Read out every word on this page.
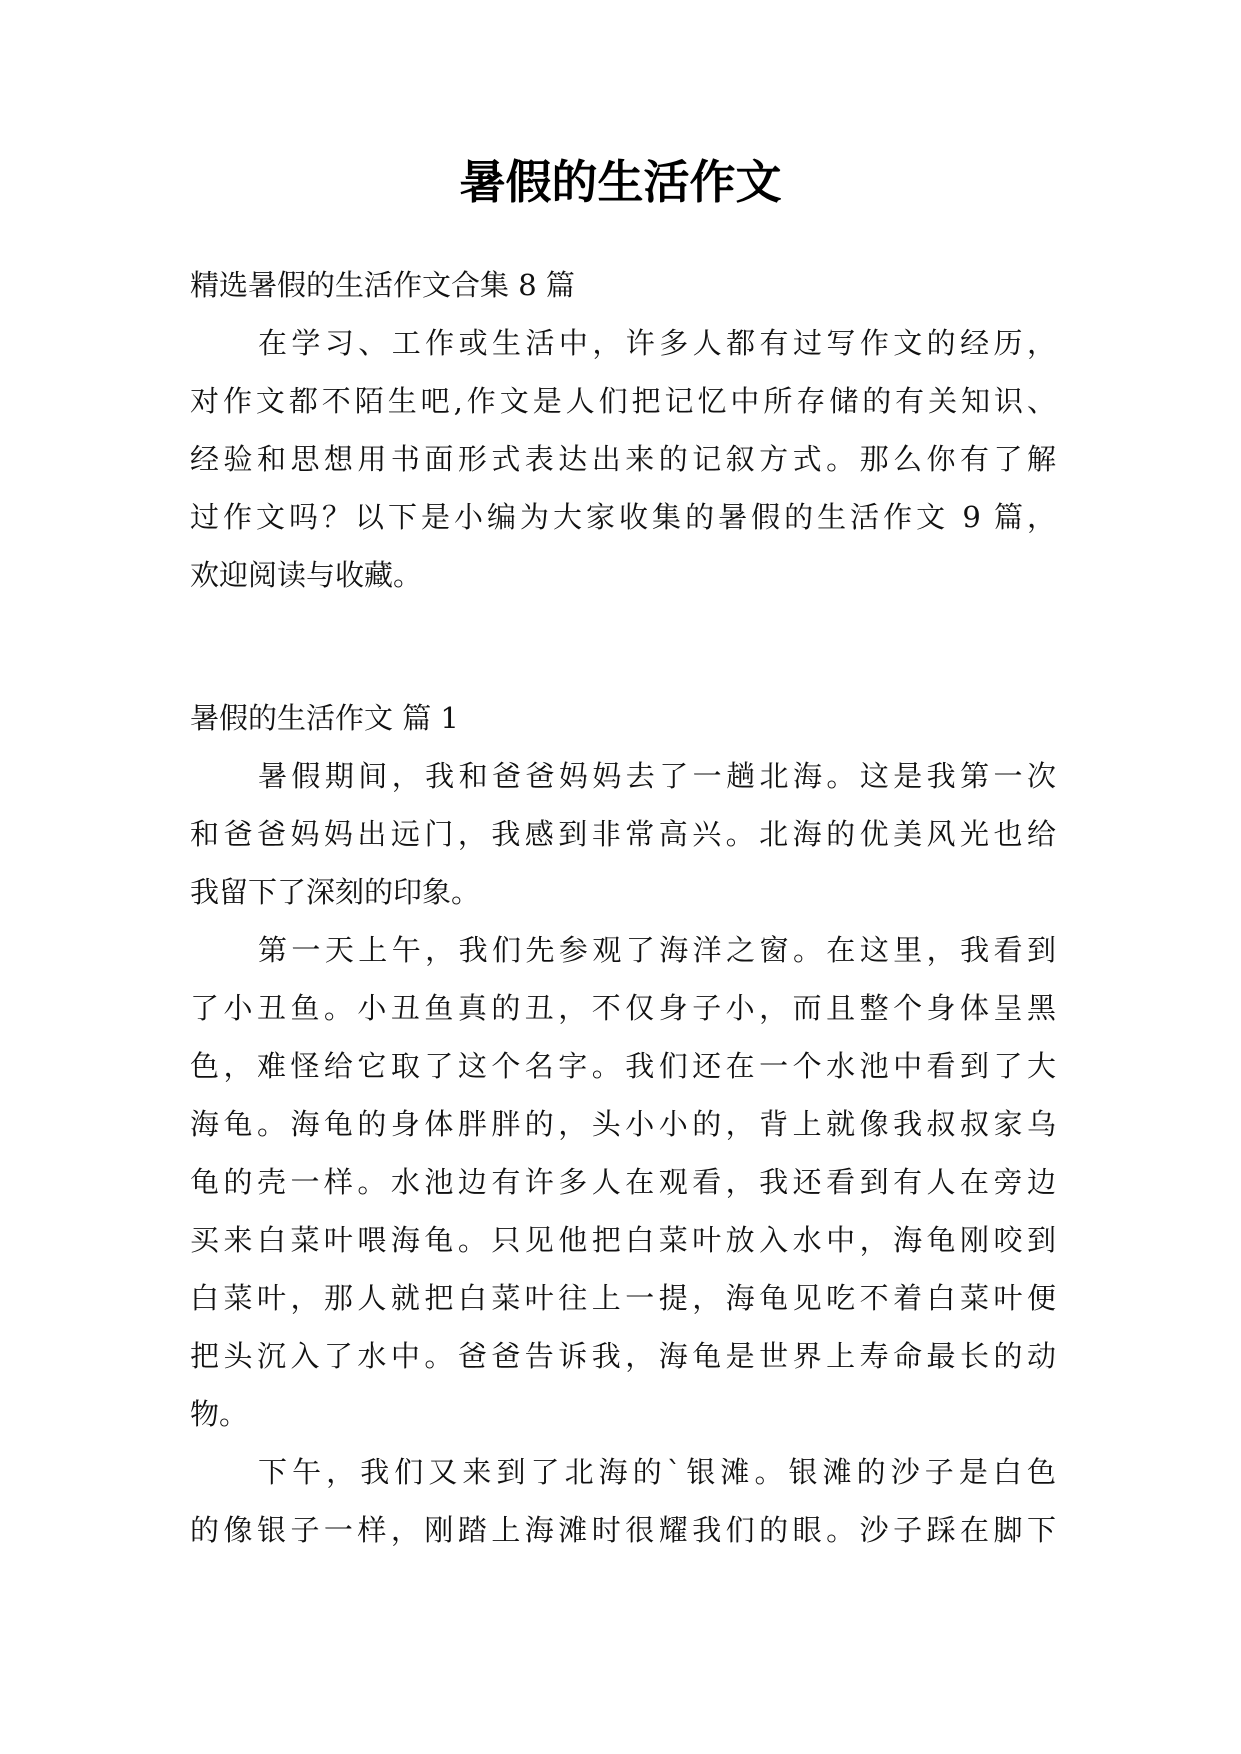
暑假的生活作文
精选暑假的生活作文合集 8 篇
在学习、工作或生活中，许多人都有过写作文的经历，
对作文都不陌生吧,作文是人们把记忆中所存储的有关知识、
经验和思想用书面形式表达出来的记叙方式。那么你有了解
过作文吗？以下是小编为大家收集的暑假的生活作文 9 篇，
欢迎阅读与收藏。
暑假的生活作文 篇 1
暑假期间，我和爸爸妈妈去了一趟北海。这是我第一次
和爸爸妈妈出远门，我感到非常高兴。北海的优美风光也给
我留下了深刻的印象。
第一天上午，我们先参观了海洋之窗。在这里，我看到
了小丑鱼。小丑鱼真的丑，不仅身子小，而且整个身体呈黑
色，难怪给它取了这个名字。我们还在一个水池中看到了大
海龟。海龟的身体胖胖的，头小小的，背上就像我叔叔家乌
龟的壳一样。水池边有许多人在观看，我还看到有人在旁边
买来白菜叶喂海龟。只见他把白菜叶放入水中，海龟刚咬到
白菜叶，那人就把白菜叶往上一提，海龟见吃不着白菜叶便
把头沉入了水中。爸爸告诉我，海龟是世界上寿命最长的动
物。
下午，我们又来到了北海的`银滩。银滩的沙子是白色
的像银子一样，刚踏上海滩时很耀我们的眼。沙子踩在脚下
